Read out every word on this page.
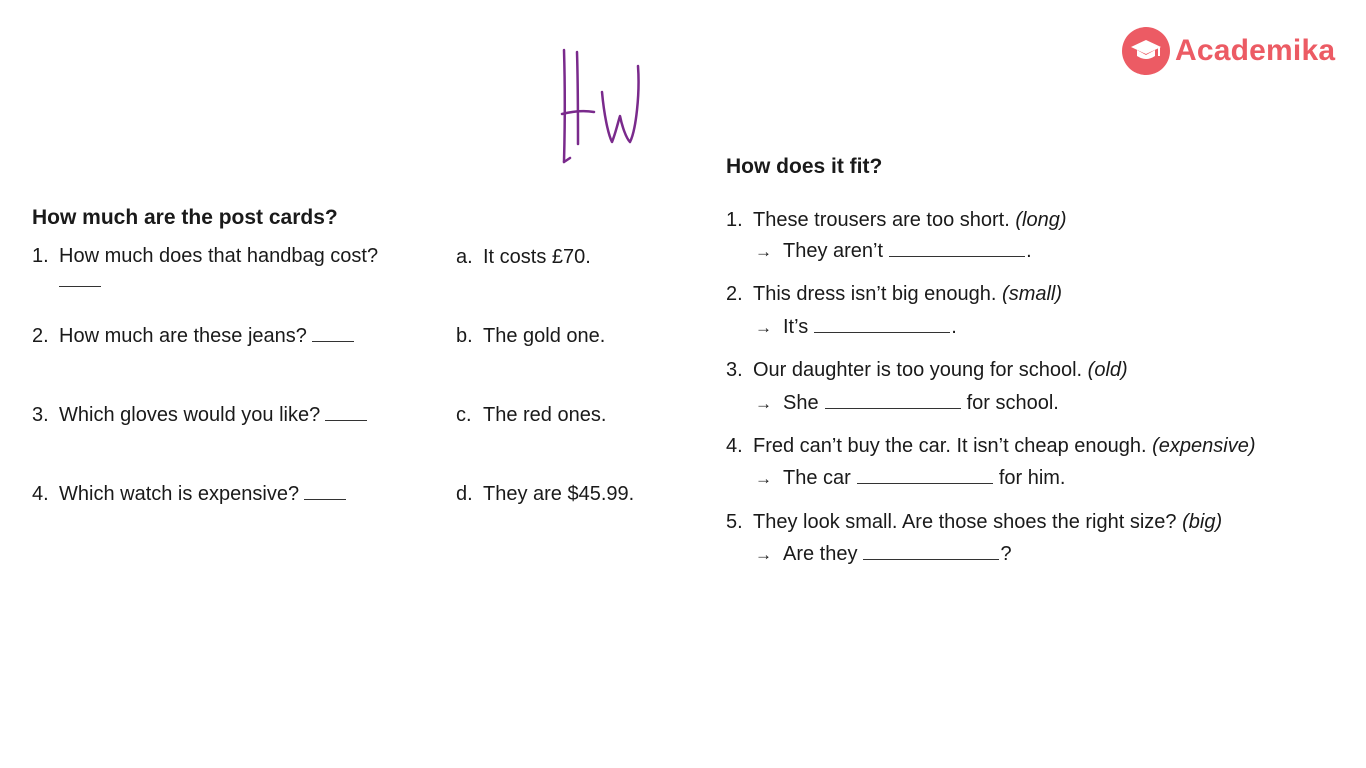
Academika
How much are the post cards?
1. How much does that handbag cost?
2. How much are these jeans?
3. Which gloves would you like?
4. Which watch is expensive?
a. It costs £70.
b. The gold one.
c. The red ones.
d. They are $45.99.
How does it fit?
1. These trousers are too short. (long)
→ They aren’t	.
2. This dress isn’t big enough. (small)
→ It’s	.
3. Our daughter is too young for school. (old)
→ She	for school.
4. Fred can’t buy the car. It isn’t cheap enough. (expensive)
→ The car	for him.
5. They look small. Are those shoes the right size? (big)
→ Are they	?
